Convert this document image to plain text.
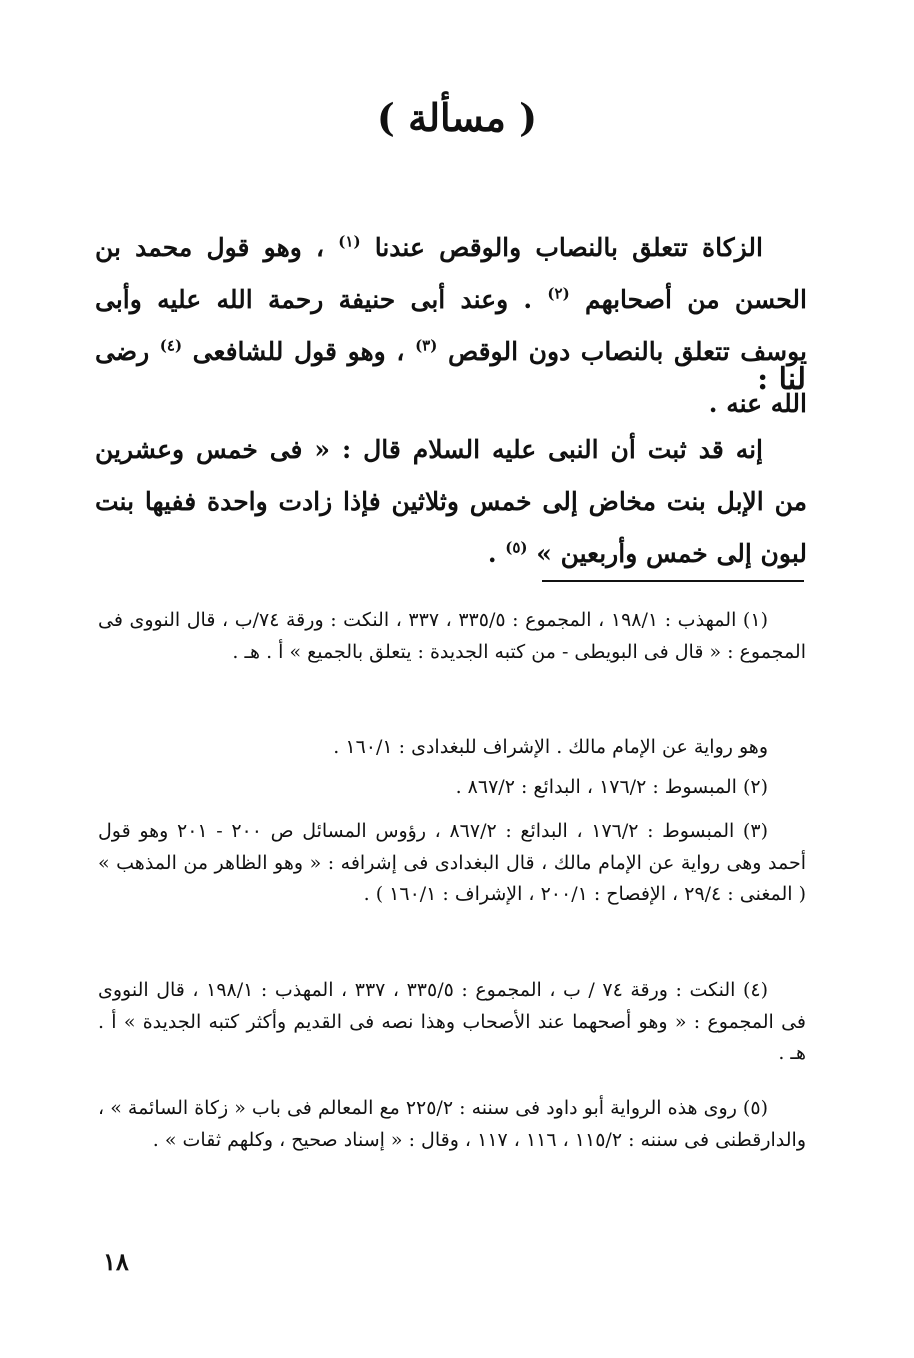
( مسألة )

الزكاة تتعلق بالنصاب والوقص عندنا $^{(١)}$ ، وهو قول محمد بن الحسن من أصحابهم $^{(٢)}$ . وعند أبى حنيفة رحمة الله عليه وأبى يوسف تتعلق بالنصاب دون الوقص $^{(٣)}$ ، وهو قول للشافعى $^{(٤)}$ رضى الله عنه .

لنا :

إنه قد ثبت أن النبى عليه السلام قال : « فى خمس وعشرين من الإبل بنت مخاض إلى خمس وثلاثين فإذا زادت واحدة ففيها بنت لبون إلى خمس وأربعين » $^{(٥)}$ .

(١) المهذب : ١٩٨/١ ، المجموع : ٣٣٥/٥ ، ٣٣٧ ، النكت : ورقة ٧٤/ب ، قال النووى فى المجموع : « قال فى البويطى - من كتبه الجديدة : يتعلق بالجميع » أ . هـ .

وهو رواية عن الإمام مالك . الإشراف للبغدادى : ١٦٠/١ .

(٢) المبسوط : ١٧٦/٢ ، البدائع : ٨٦٧/٢ .

(٣) المبسوط : ١٧٦/٢ ، البدائع : ٨٦٧/٢ ، رؤوس المسائل ص ٢٠٠ - ٢٠١ وهو قول أحمد وهى رواية عن الإمام مالك ، قال البغدادى فى إشرافه : « وهو الظاهر من المذهب » ( المغنى : ٢٩/٤ ، الإفصاح : ٢٠٠/١ ، الإشراف : ١٦٠/١ ) .

(٤) النكت : ورقة ٧٤ / ب ، المجموع : ٣٣٥/٥ ، ٣٣٧ ، المهذب : ١٩٨/١ ، قال النووى فى المجموع : « وهو أصحهما عند الأصحاب وهذا نصه فى القديم وأكثر كتبه الجديدة » أ . هـ .

(٥) روى هذه الرواية أبو داود فى سننه : ٢٢٥/٢ مع المعالم فى باب « زكاة السائمة » ، والدارقطنى فى سننه : ١١٥/٢ ، ١١٦ ، ١١٧ ، وقال : « إسناد صحيح ، وكلهم ثقات » .

١٨
